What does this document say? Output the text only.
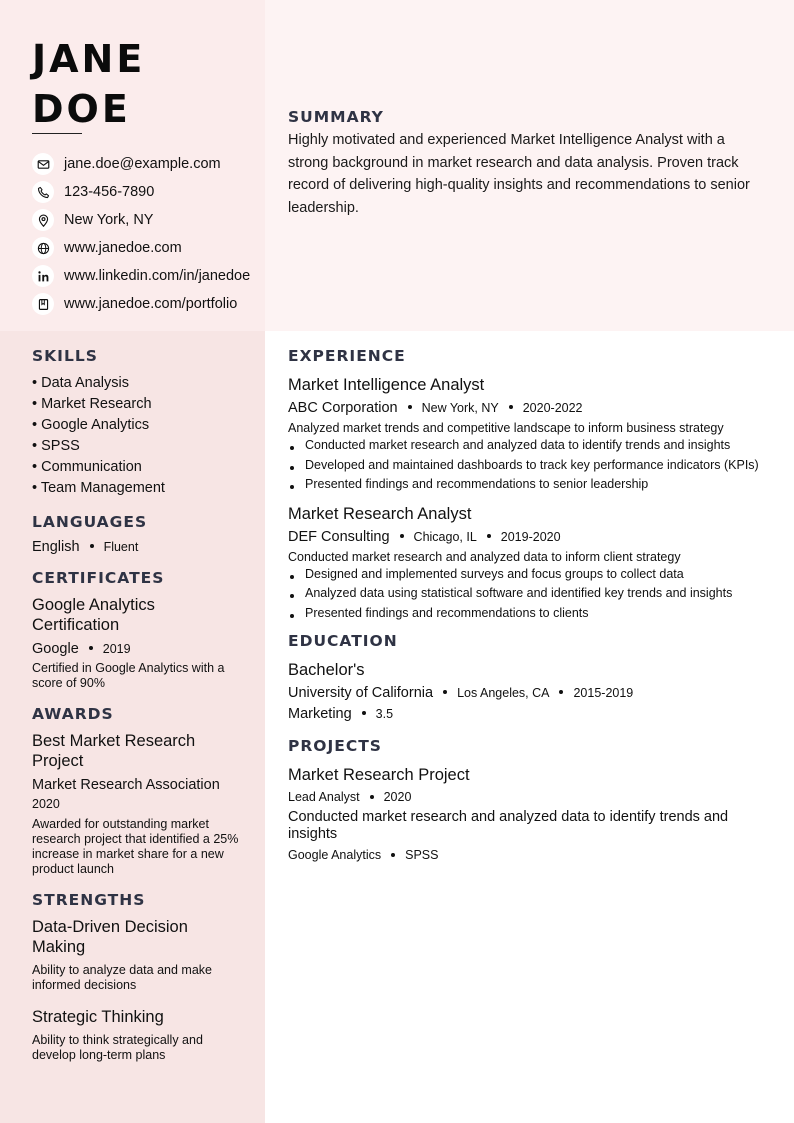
JANE
DOE
jane.doe@example.com
123-456-7890
New York, NY
www.janedoe.com
www.linkedin.com/in/janedoe
www.janedoe.com/portfolio
SUMMARY

Highly motivated and experienced Market Intelligence Analyst with a strong background in market research and data analysis. Proven track record of delivering high-quality insights and recommendations to senior leadership.

SKILLS
• Data Analysis
• Market Research
• Google Analytics
• SPSS
• Communication
• Team Management
LANGUAGES
English Fluent
CERTIFICATES
Google Analytics Certification
Google 2019
Certified in Google Analytics with a score of 90%
AWARDS
Best Market Research Project
Market Research Association
2020
Awarded for outstanding market research project that identified a 25% increase in market share for a new product launch
STRENGTHS
Data-Driven Decision Making
Ability to analyze data and make informed decisions
Strategic Thinking
Ability to think strategically and develop long-term plans
EXPERIENCE
Market Intelligence Analyst
ABC Corporation New York, NY 2020-2022
Analyzed market trends and competitive landscape to inform business strategy
Conducted market research and analyzed data to identify trends and insights
Developed and maintained dashboards to track key performance indicators (KPIs)
Presented findings and recommendations to senior leadership
Market Research Analyst
DEF Consulting Chicago, IL 2019-2020
Conducted market research and analyzed data to inform client strategy
Designed and implemented surveys and focus groups to collect data
Analyzed data using statistical software and identified key trends and insights
Presented findings and recommendations to clients
EDUCATION
Bachelor's
University of California Los Angeles, CA 2015-2019
Marketing 3.5
PROJECTS
Market Research Project
Lead Analyst 2020
Conducted market research and analyzed data to identify trends and insights
Google Analytics SPSS
